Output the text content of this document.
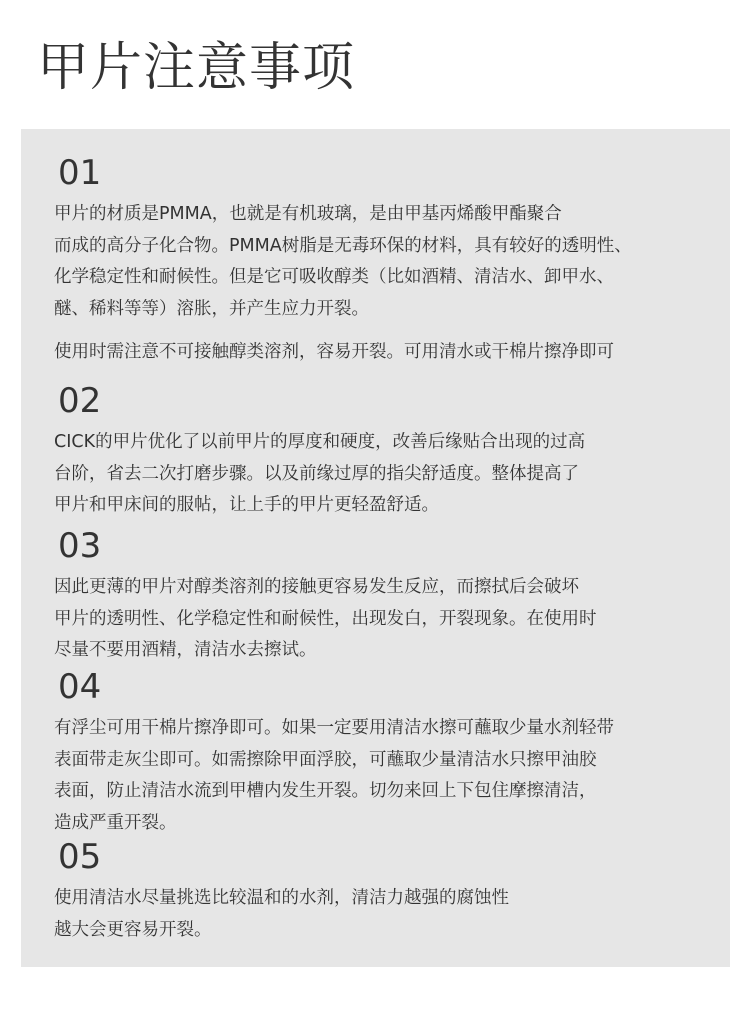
甲片注意事项
01

甲片的材质是PMMA，也就是有机玻璃，是由甲基丙烯酸甲酯聚合
而成的高分子化合物。PMMA树脂是无毒环保的材料，具有较好的透明性、
化学稳定性和耐候性。但是它可吸收醇类（比如酒精、清洁水、卸甲水、
醚、稀料等等）溶胀，并产生应力开裂。

使用时需注意不可接触醇类溶剂，容易开裂。可用清水或干棉片擦净即可

02

CICK的甲片优化了以前甲片的厚度和硬度，改善后缘贴合出现的过高
台阶，省去二次打磨步骤。以及前缘过厚的指尖舒适度。整体提高了
甲片和甲床间的服帖，让上手的甲片更轻盈舒适。

03

因此更薄的甲片对醇类溶剂的接触更容易发生反应，而擦拭后会破坏
甲片的透明性、化学稳定性和耐候性，出现发白，开裂现象。在使用时
尽量不要用酒精，清洁水去擦试。

04

有浮尘可用干棉片擦净即可。如果一定要用清洁水擦可蘸取少量水剂轻带
表面带走灰尘即可。如需擦除甲面浮胶，可蘸取少量清洁水只擦甲油胶
表面，防止清洁水流到甲槽内发生开裂。切勿来回上下包住摩擦清洁，
造成严重开裂。

05

使用清洁水尽量挑选比较温和的水剂，清洁力越强的腐蚀性
越大会更容易开裂。
